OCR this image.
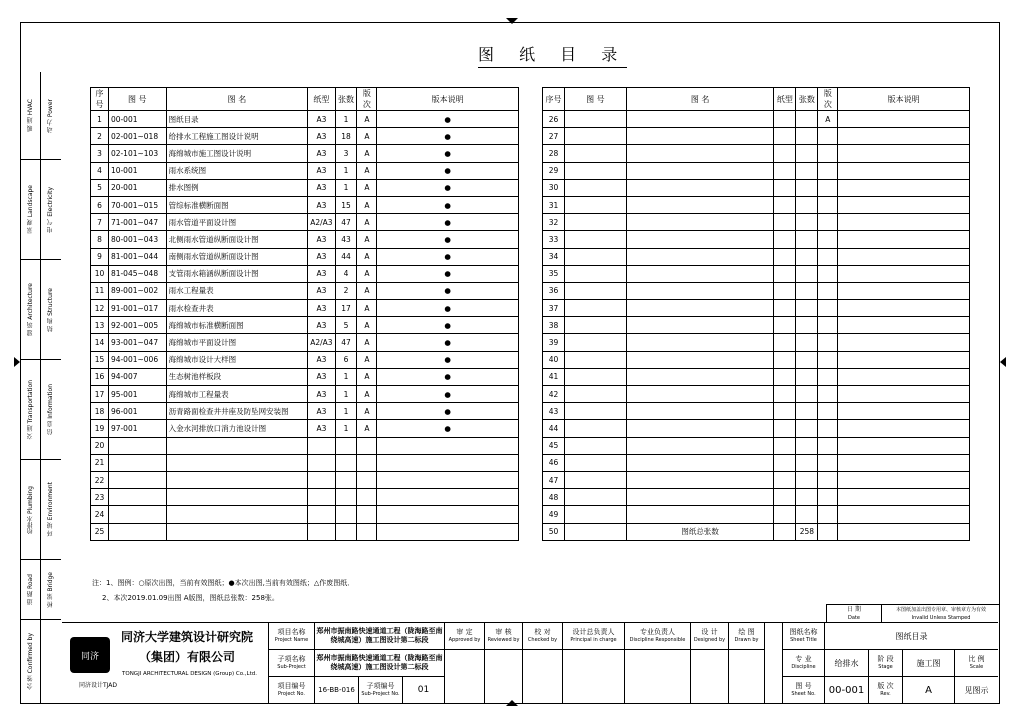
暖 通 HVAC 动 力 Power
景 观 Landscape 电 气 Electricity
建 筑 Architecture 结 构 Structure
交 通 Transportation 信 息 Information
给排水 Plumbing 环 境 Environment
道 路 Road 桥 梁 Bridge
会 签 Confirmed by
图 纸 目 录
序号	图 号	图 名	纸型	张数	版次	版本说明
1	00-001	图纸目录	A3	1	A	●
2	02-001~018	给排水工程施工图设计说明	A3	18	A	●
3	02-101~103	海绵城市施工图设计说明	A3	3	A	●
4	10-001	雨水系统图	A3	1	A	●
5	20-001	排水图例	A3	1	A	●
6	70-001~015	管综标准横断面图	A3	15	A	●
7	71-001~047	雨水管道平面设计图	A2/A3	47	A	●
8	80-001~043	北侧雨水管道纵断面设计图	A3	43	A	●
9	81-001~044	南侧雨水管道纵断面设计图	A3	44	A	●
10	81-045~048	支管雨水箱涵纵断面设计图	A3	4	A	●
11	89-001~002	雨水工程量表	A3	2	A	●
12	91-001~017	雨水检查井表	A3	17	A	●
13	92-001~005	海绵城市标准横断面图	A3	5	A	●
14	93-001~047	海绵城市平面设计图	A2/A3	47	A	●
15	94-001~006	海绵城市设计大样图	A3	6	A	●
16	94-007	生态树池样板段	A3	1	A	●
17	95-001	海绵城市工程量表	A3	1	A	●
18	96-001	沥青路面检查井井座及防坠网安装图	A3	1	A	●
19	97-001	入金水河排放口消力池设计图	A3	1	A	●
20						
21						
22						
23						
24						
25						
序号	图 号	图 名	纸型	张数	版次	版本说明
26					A	
27						
28						
29						
30						
31						
32						
33						
34						
35						
36						
37						
38						
39						
40						
41						
42						
43						
44						
45						
46						
47						
48						
49						
50		图纸总张数		258		
注：1、图例：○原次出图，当前有效图纸；●本次出图,当前有效图纸；△作废图纸．
2、本次2019.01.09出图 A版图，图纸总张数：258张。
日 期
Date
本图纸加盖出图专用章、审核章方为有效
Invalid Unless Stamped
同济
同济大学建筑设计研究院
（集团）有限公司
TONGJI ARCHITECTURAL DESIGN (Group) Co.,Ltd.
同济设计TJAD
项目名称
Project Name
郑州市振南路快速通道工程（陇海路至南绕城高速）施工图设计第二标段
子项名称
Sub-Project
郑州市振南路快速通道工程（陇海路至南绕城高速）施工图设计第二标段
项目编号
Project No.	16-BB-016	子项编号
Sub-Project No.	01
图纸名称
Sheet Title	图纸目录
专 业
Discipline	给排水	阶 段
Stage	施工图	比 例
Scale
图 号
Sheet No.	00-001	版 次
Rev.	A	见图示
审 定
Approved by
审 核
Reviewed by
校 对
Checked by
设计总负责人
Principal in charge
专业负责人
Discipline Responsible
设 计
Designed by
绘 图
Drawn by
